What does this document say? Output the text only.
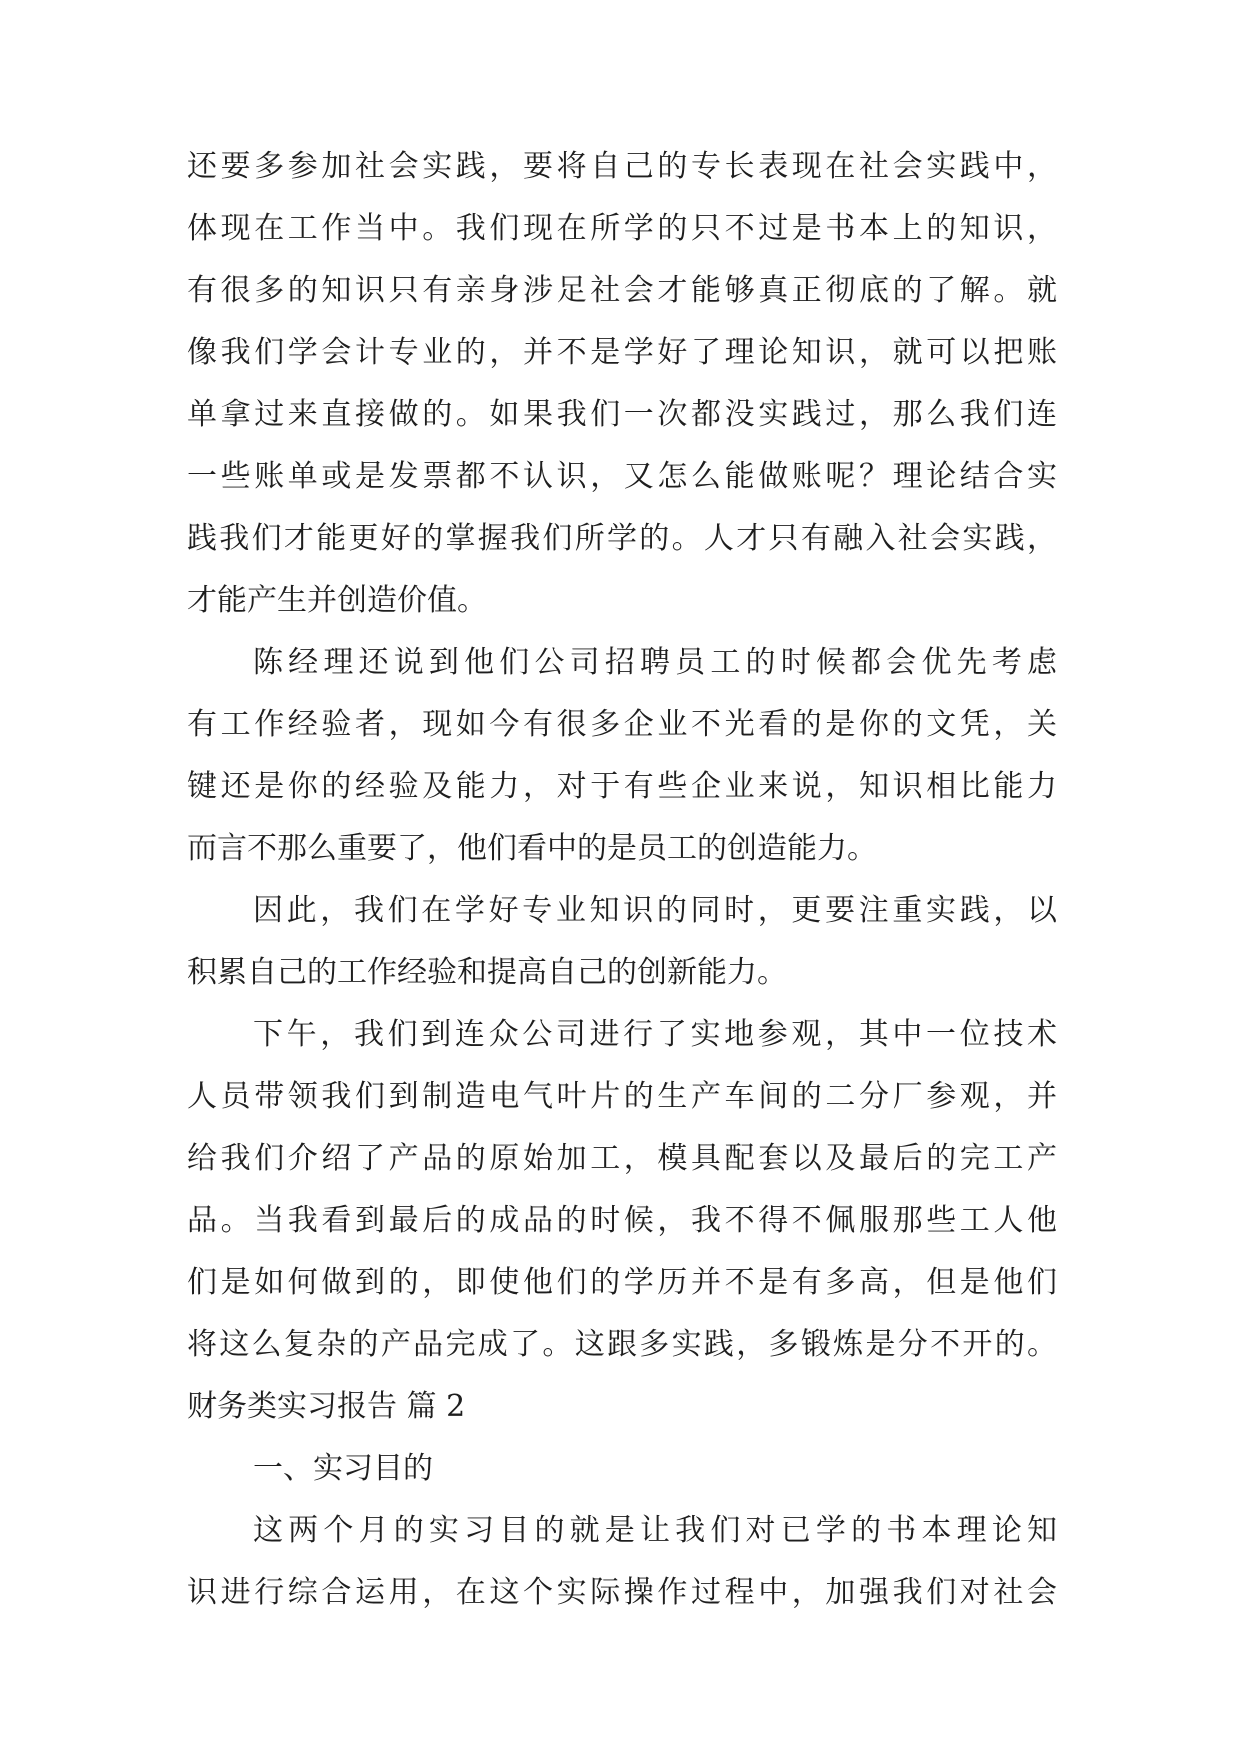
还要多参加社会实践，要将自己的专长表现在社会实践中，

体现在工作当中。我们现在所学的只不过是书本上的知识，

有很多的知识只有亲身涉足社会才能够真正彻底的了解。就

像我们学会计专业的，并不是学好了理论知识，就可以把账

单拿过来直接做的。如果我们一次都没实践过，那么我们连

一些账单或是发票都不认识，又怎么能做账呢？理论结合实

践我们才能更好的掌握我们所学的。人才只有融入社会实践，

才能产生并创造价值。

陈经理还说到他们公司招聘员工的时候都会优先考虑

有工作经验者，现如今有很多企业不光看的是你的文凭，关

键还是你的经验及能力，对于有些企业来说，知识相比能力

而言不那么重要了，他们看中的是员工的创造能力。

因此，我们在学好专业知识的同时，更要注重实践，以

积累自己的工作经验和提高自己的创新能力。

下午，我们到连众公司进行了实地参观，其中一位技术

人员带领我们到制造电气叶片的生产车间的二分厂参观，并

给我们介绍了产品的原始加工，模具配套以及最后的完工产

品。当我看到最后的成品的时候，我不得不佩服那些工人他

们是如何做到的，即使他们的学历并不是有多高，但是他们

将这么复杂的产品完成了。这跟多实践，多锻炼是分不开的。

财务类实习报告 篇 2

一、实习目的

这两个月的实习目的就是让我们对已学的书本理论知

识进行综合运用，在这个实际操作过程中，加强我们对社会
